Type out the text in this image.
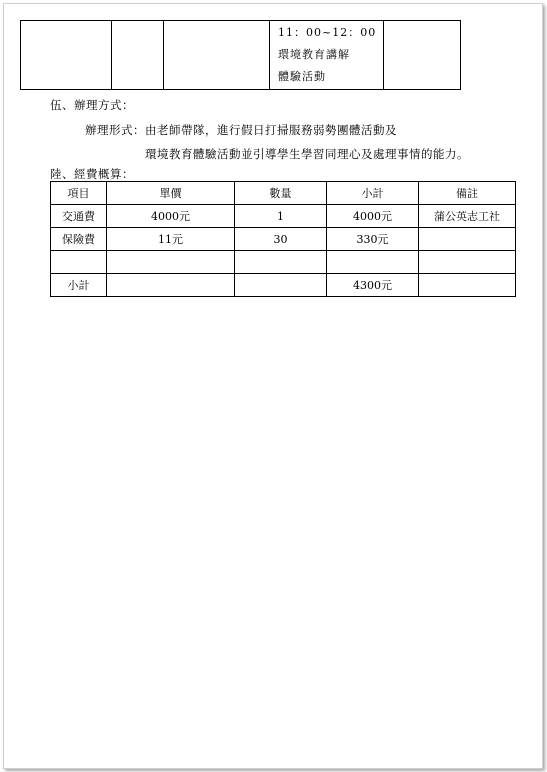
11：00~12：00
環境教育講解
體驗活動

伍、辦理方式：
辦理形式：由老師帶隊，進行假日打掃服務弱勢團體活動及
環境教育體驗活動並引導學生學習同理心及處理事情的能力。
陸、經費概算：
項目	單價	數量	小計	備註
交通費	4000元	1	4000元	蒲公英志工社
保險費	11元	30	330元	

小計			4300元	
